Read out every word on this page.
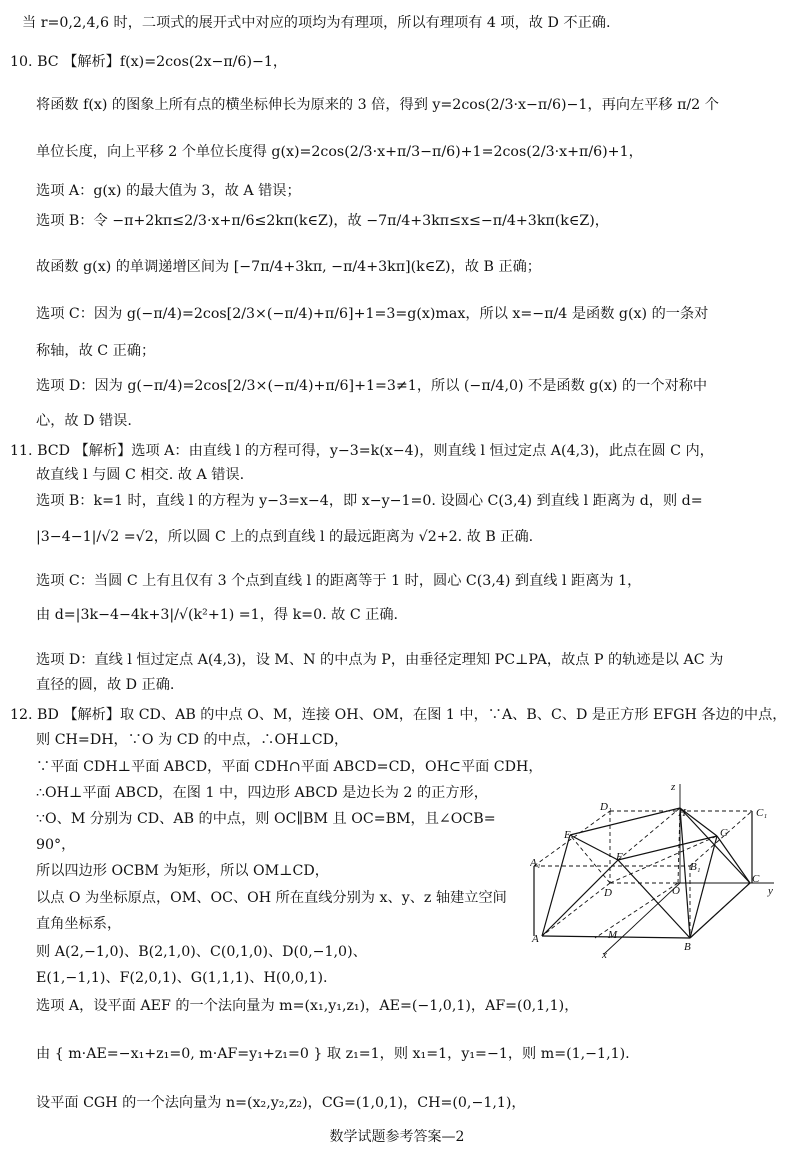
当 r=0,2,4,6 时，二项式的展开式中对应的项均为有理项，所以有理项有 4 项，故 D 不正确.
10. BC 【解析】f(x)=2cos(2x−π/6)−1，
将函数 f(x) 的图象上所有点的横坐标伸长为原来的 3 倍，得到 y=2cos(2/3·x−π/6)−1，再向左平移 π/2 个
单位长度，向上平移 2 个单位长度得 g(x)=2cos(2/3·x+π/3−π/6)+1=2cos(2/3·x+π/6)+1，
选项 A：g(x) 的最大值为 3，故 A 错误；
选项 B：令 −π+2kπ≤2/3·x+π/6≤2kπ(k∈Z)，故 −7π/4+3kπ≤x≤−π/4+3kπ(k∈Z)，
故函数 g(x) 的单调递增区间为 [−7π/4+3kπ, −π/4+3kπ](k∈Z)，故 B 正确；
选项 C：因为 g(−π/4)=2cos[2/3×(−π/4)+π/6]+1=3=g(x)max，所以 x=−π/4 是函数 g(x) 的一条对
称轴，故 C 正确；
选项 D：因为 g(−π/4)=2cos[2/3×(−π/4)+π/6]+1=3≠1，所以 (−π/4,0) 不是函数 g(x) 的一个对称中
心，故 D 错误.
11. BCD 【解析】选项 A：由直线 l 的方程可得，y−3=k(x−4)，则直线 l 恒过定点 A(4,3)，此点在圆 C 内，
故直线 l 与圆 C 相交. 故 A 错误.
选项 B：k=1 时，直线 l 的方程为 y−3=x−4，即 x−y−1=0. 设圆心 C(3,4) 到直线 l 距离为 d，则 d=
|3−4−1|/√2 =√2，所以圆 C 上的点到直线 l 的最远距离为 √2+2. 故 B 正确.
选项 C：当圆 C 上有且仅有 3 个点到直线 l 的距离等于 1 时，圆心 C(3,4) 到直线 l 距离为 1，
由 d=|3k−4−4k+3|/√(k²+1) =1，得 k=0. 故 C 正确.
选项 D：直线 l 恒过定点 A(4,3)，设 M、N 的中点为 P，由垂径定理知 PC⊥PA，故点 P 的轨迹是以 AC 为
直径的圆，故 D 正确.
12. BD 【解析】取 CD、AB 的中点 O、M，连接 OH、OM，在图 1 中，∵A、B、C、D 是正方形 EFGH 各边的中点，
则 CH=DH，∵O 为 CD 的中点，∴OH⊥CD，
∵平面 CDH⊥平面 ABCD，平面 CDH∩平面 ABCD=CD，OH⊂平面 CDH，
∴OH⊥平面 ABCD，在图 1 中，四边形 ABCD 是边长为 2 的正方形，
∵O、M 分别为 CD、AB 的中点，则 OC∥BM 且 OC=BM，且∠OCB=
90°，
所以四边形 OCBM 为矩形，所以 OM⊥CD，
以点 O 为坐标原点，OM、OC、OH 所在直线分别为 x、y、z 轴建立空间
直角坐标系，
则 A(2,−1,0)、B(2,1,0)、C(0,1,0)、D(0,−1,0)、
E(1,−1,1)、F(2,0,1)、G(1,1,1)、H(0,0,1).
选项 A，设平面 AEF 的一个法向量为 m=(x₁,y₁,z₁)，AE=(−1,0,1)，AF=(0,1,1)，
由 { m·AE=−x₁+z₁=0, m·AF=y₁+z₁=0 } 取 z₁=1，则 x₁=1，y₁=−1，则 m=(1,−1,1).
设平面 CGH 的一个法向量为 n=(x₂,y₂,z₂)，CG=(1,0,1)，CH=(0,−1,1)，
z
y
x
H	C₁
D₁
E	G
F
A₁	B₁
C
D	O
A	M
B
数学试题参考答案—2
